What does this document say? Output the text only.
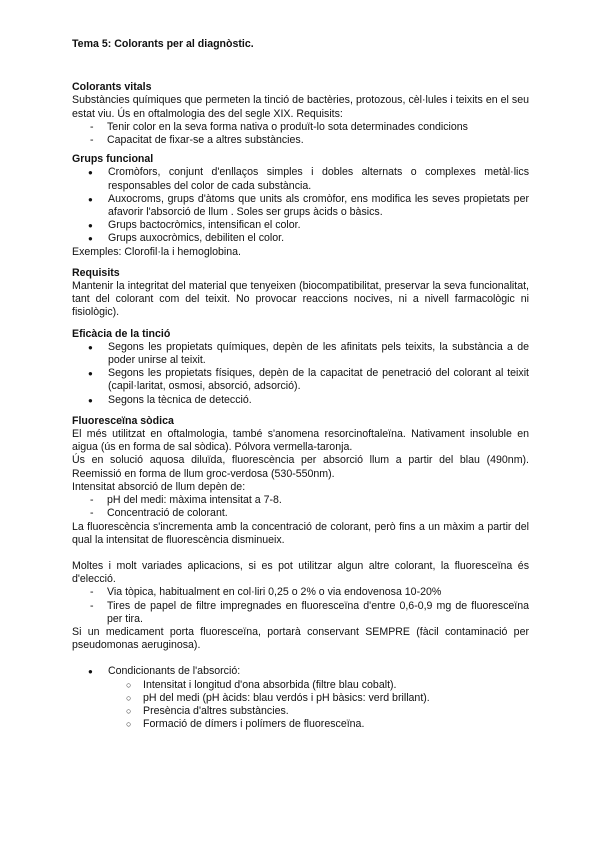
Tema 5: Colorants per al diagnòstic.

Colorants vitals

Substàncies químiques que permeten la tinció de bactèries, protozous, cèl·lules i teixits en el seu estat viu. Ús en oftalmologia des del segle XIX. Requisits:

- Tenir color en la seva forma nativa o produït-lo sota determinades condicions
- Capacitat de fixar-se a altres substàncies.
Grups funcional
● Cromòfors, conjunt d'enllaços simples i dobles alternats o complexes metàl·lics responsables del color de cada substància.
● Auxocroms, grups d'àtoms que units als cromòfor, ens modifica les seves propietats per afavorir l'absorció de llum . Soles ser grups àcids o bàsics.
● Grups bactocròmics, intensifican el color.
● Grups auxocròmics, debiliten el color.

Exemples: Clorofil·la i hemoglobina.

Requisits

Mantenir la integritat del material que tenyeixen (biocompatibilitat, preservar la seva funcionalitat, tant del colorant com del teixit. No provocar reaccions nocives, ni a nivell farmacològic ni fisiològic).

Eficàcia de la tinció
● Segons les propietats químiques, depèn de les afinitats pels teixits, la substància a de poder unirse al teixit.
● Segons les propietats físiques, depèn de la capacitat de penetració del colorant al teixit (capil·laritat, osmosi, absorció, adsorció).
● Segons la tècnica de detecció.
Fluoresceïna sòdica

El més utilitzat en oftalmologia, també s'anomena resorcinoftaleïna. Nativament insoluble en aigua (ús en forma de sal sòdica). Pólvora vermella-taronja.

Ús en solució aquosa diluïda, fluorescència per absorció llum a partir del blau (490nm). Reemissió en forma de llum groc-verdosa (530-550nm).

Intensitat absorció de llum depèn de:

- pH del medi: màxima intensitat a 7-8.
- Concentració de colorant.

La fluorescència s'incrementa amb la concentració de colorant, però fins a un màxim a partir del qual la intensitat de fluorescència disminueix.

Moltes i molt variades aplicacions, si es pot utilitzar algun altre colorant, la fluoresceïna és d'elecció.

- Via tòpica, habitualment en col·liri 0,25 o 2% o via endovenosa 10-20%
- Tires de papel de filtre impregnades en fluoresceïna d'entre 0,6-0,9 mg de fluoresceïna per tira.

Si un medicament porta fluoresceïna, portarà conservant SEMPRE (fàcil contaminació per pseudomonas aeruginosa).

● Condicionants de l'absorció:
○ Intensitat i longitud d'ona absorbida (filtre blau cobalt).
○ pH del medi (pH àcids: blau verdós i pH bàsics: verd brillant).
○ Presència d'altres substàncies.
○ Formació de dímers i polímers de fluoresceïna.
